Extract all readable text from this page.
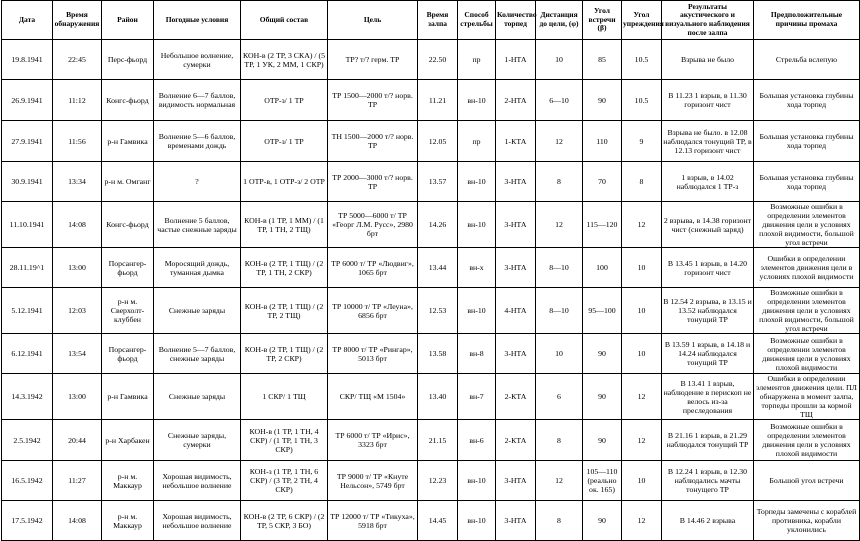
Дата	Время обнаружения	Район	Погодные условия	Общий состав	Цель	Время залпа	Способ стрельбы	Количество торпед	Дистанция до цели, (φ)	Угол встречи (β)	Угол упреждения	Результаты акустического и визуального наблюдения после залпа	Предположительные причины промаха
19.8.1941	22:45	Перс-фьорд	Небольшое волнение, сумерки	КОН-в (2 ТР, 3 СКА) / (5 ТР, 1 УК, 2 ММ, 1 СКР)	ТР? т/? герм. ТР	22.50	пр	1-НТА	10	85	10.5	Взрыва не было	Стрельба вслепую
26.9.1941	11:12	Конгс-фьорд	Волнение 6—7 баллов, видимость нормальная	ОТР-з/ 1 ТР	ТР 1500—2000 т/? норв. ТР	11.21	вн-10	2-НТА	6—10	90	10.5	В 11.23 1 взрыв, в 11.30 горизонт чист	Большая установка глубины хода торпед
27.9.1941	11:56	р-н Гамвика	Волнение 5—6 баллов, временами дождь	ОТР-з/ 1 ТР	ТН 1500—2000 т/? норв. ТР	12.05	пр	1-КТА	12	110	9	Взрыва не было. в 12.08 наблюдался тонущий ТР, в 12.13 горизонт чист	Большая установка глубины хода торпед
30.9.1941	13:34	р-н м. Омганг	?	1 ОТР-в, 1 ОТР-з/ 2 ОТР	ТР 2000—3000 т/? норв. ТР	13.57	вн-10	3-НТА	8	70	8	1 взрыв, в 14.02 наблюдался 1 ТР-з	Большая установка глубины хода торпед
11.10.1941	14:08	Конгс-фьорд	Волнение 5 баллов, частые снежные заряды	КОН-в (1 ТР, 1 ММ) / (1 ТР, 1 ТН, 2 ТЩ)	ТР 5000—6000 т/ ТР «Георг Л.М. Русс», 2980 брт	14.26	вн-10	3-НТА	12	115—120	12	2 взрыва, в 14.38 горизонт чист (снежный заряд)	Возможные ошибки в определении элементов движения цели в условиях плохой видимости, большой угол встречи
28.11.19^1	13:00	Порсангер-фьорд	Моросящий дождь, туманная дымка	КОН-в (2 ТР, 1 ТЩ) / (2 ТР, 1 ТН, 2 СКР)	ТР 6000 т/ ТР «Людвиг», 1065 брт	13.44	вн-х	3-НТА	8—10	100	10	В 13.45 1 взрыв, в 14.20 горизонт чист	Ошибки в определении элементов движения цели в условиях плохой видимости
5.12.1941	12:03	р-н м. Сверхолт-клуббен	Снежные заряды	КОН-в (2 ТР, 1 ТЩ) / (2 ТР, 2 ТЩ)	ТР 10000 т/ ТР «Леуна», 6856 брт	12.53	вн-10	4-НТА	8—10	95—100	10	В 12.54 2 взрыва, в 13.15 и 13.52 наблюдался тонущий ТР	Возможные ошибки в определении элементов движения цели в условиях плохой видимости, большой угол встречи
6.12.1941	13:54	Порсангер-фьорд	Волнение 5—7 баллов, снежные заряды	КОН-в (2 ТР, 1 ТЩ) / (2 ТР, 2 СКР)	ТР 8000 т/ ТР «Рингар», 5013 брт	13.58	вн-8	3-НТА	10	90	10	В 13.59 1 взрыв, в 14.18 и 14.24 наблюдался тонущий ТР	Возможные ошибки в определении элементов движения цели в условиях плохой видимости
14.3.1942	13:00	р-н Гамвика	Снежные заряды	1 СКР/ 1 ТЩ	СКР/ ТЩ «М 1504»	13.40	вн-7	2-КТА	6	90	12	В 13.41 1 взрыв, наблюдение в перископ не велось из-за преследования	Ошибки в определении элементов движения цели. ПЛ обнаружена в момент залпа, торпеды прошли за кормой ТЩ
2.5.1942	20:44	р-н Харбакен	Снежные заряды, сумерки	КОН-в (1 ТР, 1 ТН, 4 СКР) / (1 ТР, 1 ТН, 3 СКР)	ТР 6000 т/ ТР «Ирис», 3323 брт	21.15	вн-6	2-КТА	8	90	12	В 21.16 1 взрыв, в 21.29 наблюдался тонущий ТР	Возможные ошибки в определении элементов движения цели в условиях плохой видимости
16.5.1942	11:27	р-н м. Маккаур	Хорошая видимость, небольшое волнение	КОН-з (1 ТР, 1 ТН, 6 СКР) / (3 ТР, 2 ТН, 4 СКР)	ТР 9000 т/ ТР «Кнуте Нельсон», 5749 брт	12.23	вн-10	3-НТА	12	105—110 (реально ок. 165)	10	В 12.24 1 взрыв, в 12.30 наблюдались мачты тонущего ТР	Большой угол встречи
17.5.1942	14:08	р-н м. Маккаур	Хорошая видимость, небольшое волнение	КОН-в (2 ТР, 6 СКР) / (2 ТР, 5 СКР, 3 БО)	ТР 12000 т/ ТР «Тикуха», 5918 брт	14.45	вн-10	3-НТА	8	90	12	В 14.46 2 взрыва	Торпеды замечены с кораблей противника, корабли уклонились
